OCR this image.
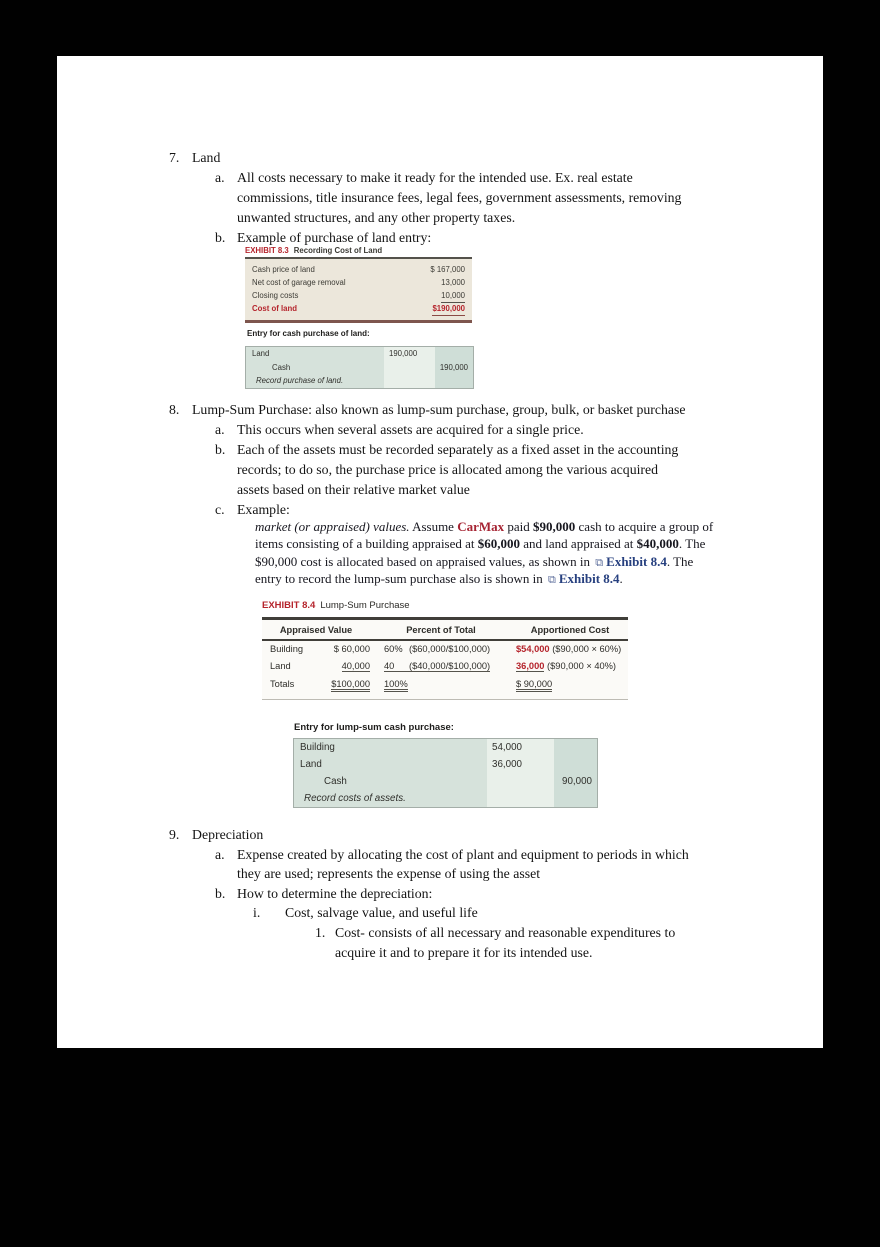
7. Land
a. All costs necessary to make it ready for the intended use. Ex. real estate
commissions, title insurance fees, legal fees, government assessments, removing
unwanted structures, and any other property taxes.
b. Example of purchase of land entry:
EXHIBIT 8.3 Recording Cost of Land
Cash price of land	$ 167,000
Net cost of garage removal	13,000
Closing costs	10,000
Cost of land	$190,000
Entry for cash purchase of land:
Land	190,000
Cash	190,000
Record purchase of land.
8. Lump-Sum Purchase: also known as lump-sum purchase, group, bulk, or basket purchase
a. This occurs when several assets are acquired for a single price.
b. Each of the assets must be recorded separately as a fixed asset in the accounting
records; to do so, the purchase price is allocated among the various acquired
assets based on their relative market value
c. Example:
market (or appraised) values. Assume CarMax paid $90,000 cash to acquire a group of
items consisting of a building appraised at $60,000 and land appraised at $40,000. The
$90,000 cost is allocated based on appraised values, as shown in ⧉ Exhibit 8.4. The
entry to record the lump-sum purchase also is shown in ⧉ Exhibit 8.4.
EXHIBIT 8.4 Lump-Sum Purchase
Appraised Value	Percent of Total	Apportioned Cost
Building	$ 60,000	60% ($60,000/$100,000)	$54,000 ($90,000 × 60%)
Land	40,000	40 ($40,000/$100,000)	36,000 ($90,000 × 40%)
Totals	$100,000	100%	$ 90,000
Entry for lump-sum cash purchase:
Building	54,000
Land	36,000
Cash	90,000
Record costs of assets.
9. Depreciation
a. Expense created by allocating the cost of plant and equipment to periods in which
they are used; represents the expense of using the asset
b. How to determine the depreciation:
i. Cost, salvage value, and useful life
1. Cost- consists of all necessary and reasonable expenditures to
acquire it and to prepare it for its intended use.
